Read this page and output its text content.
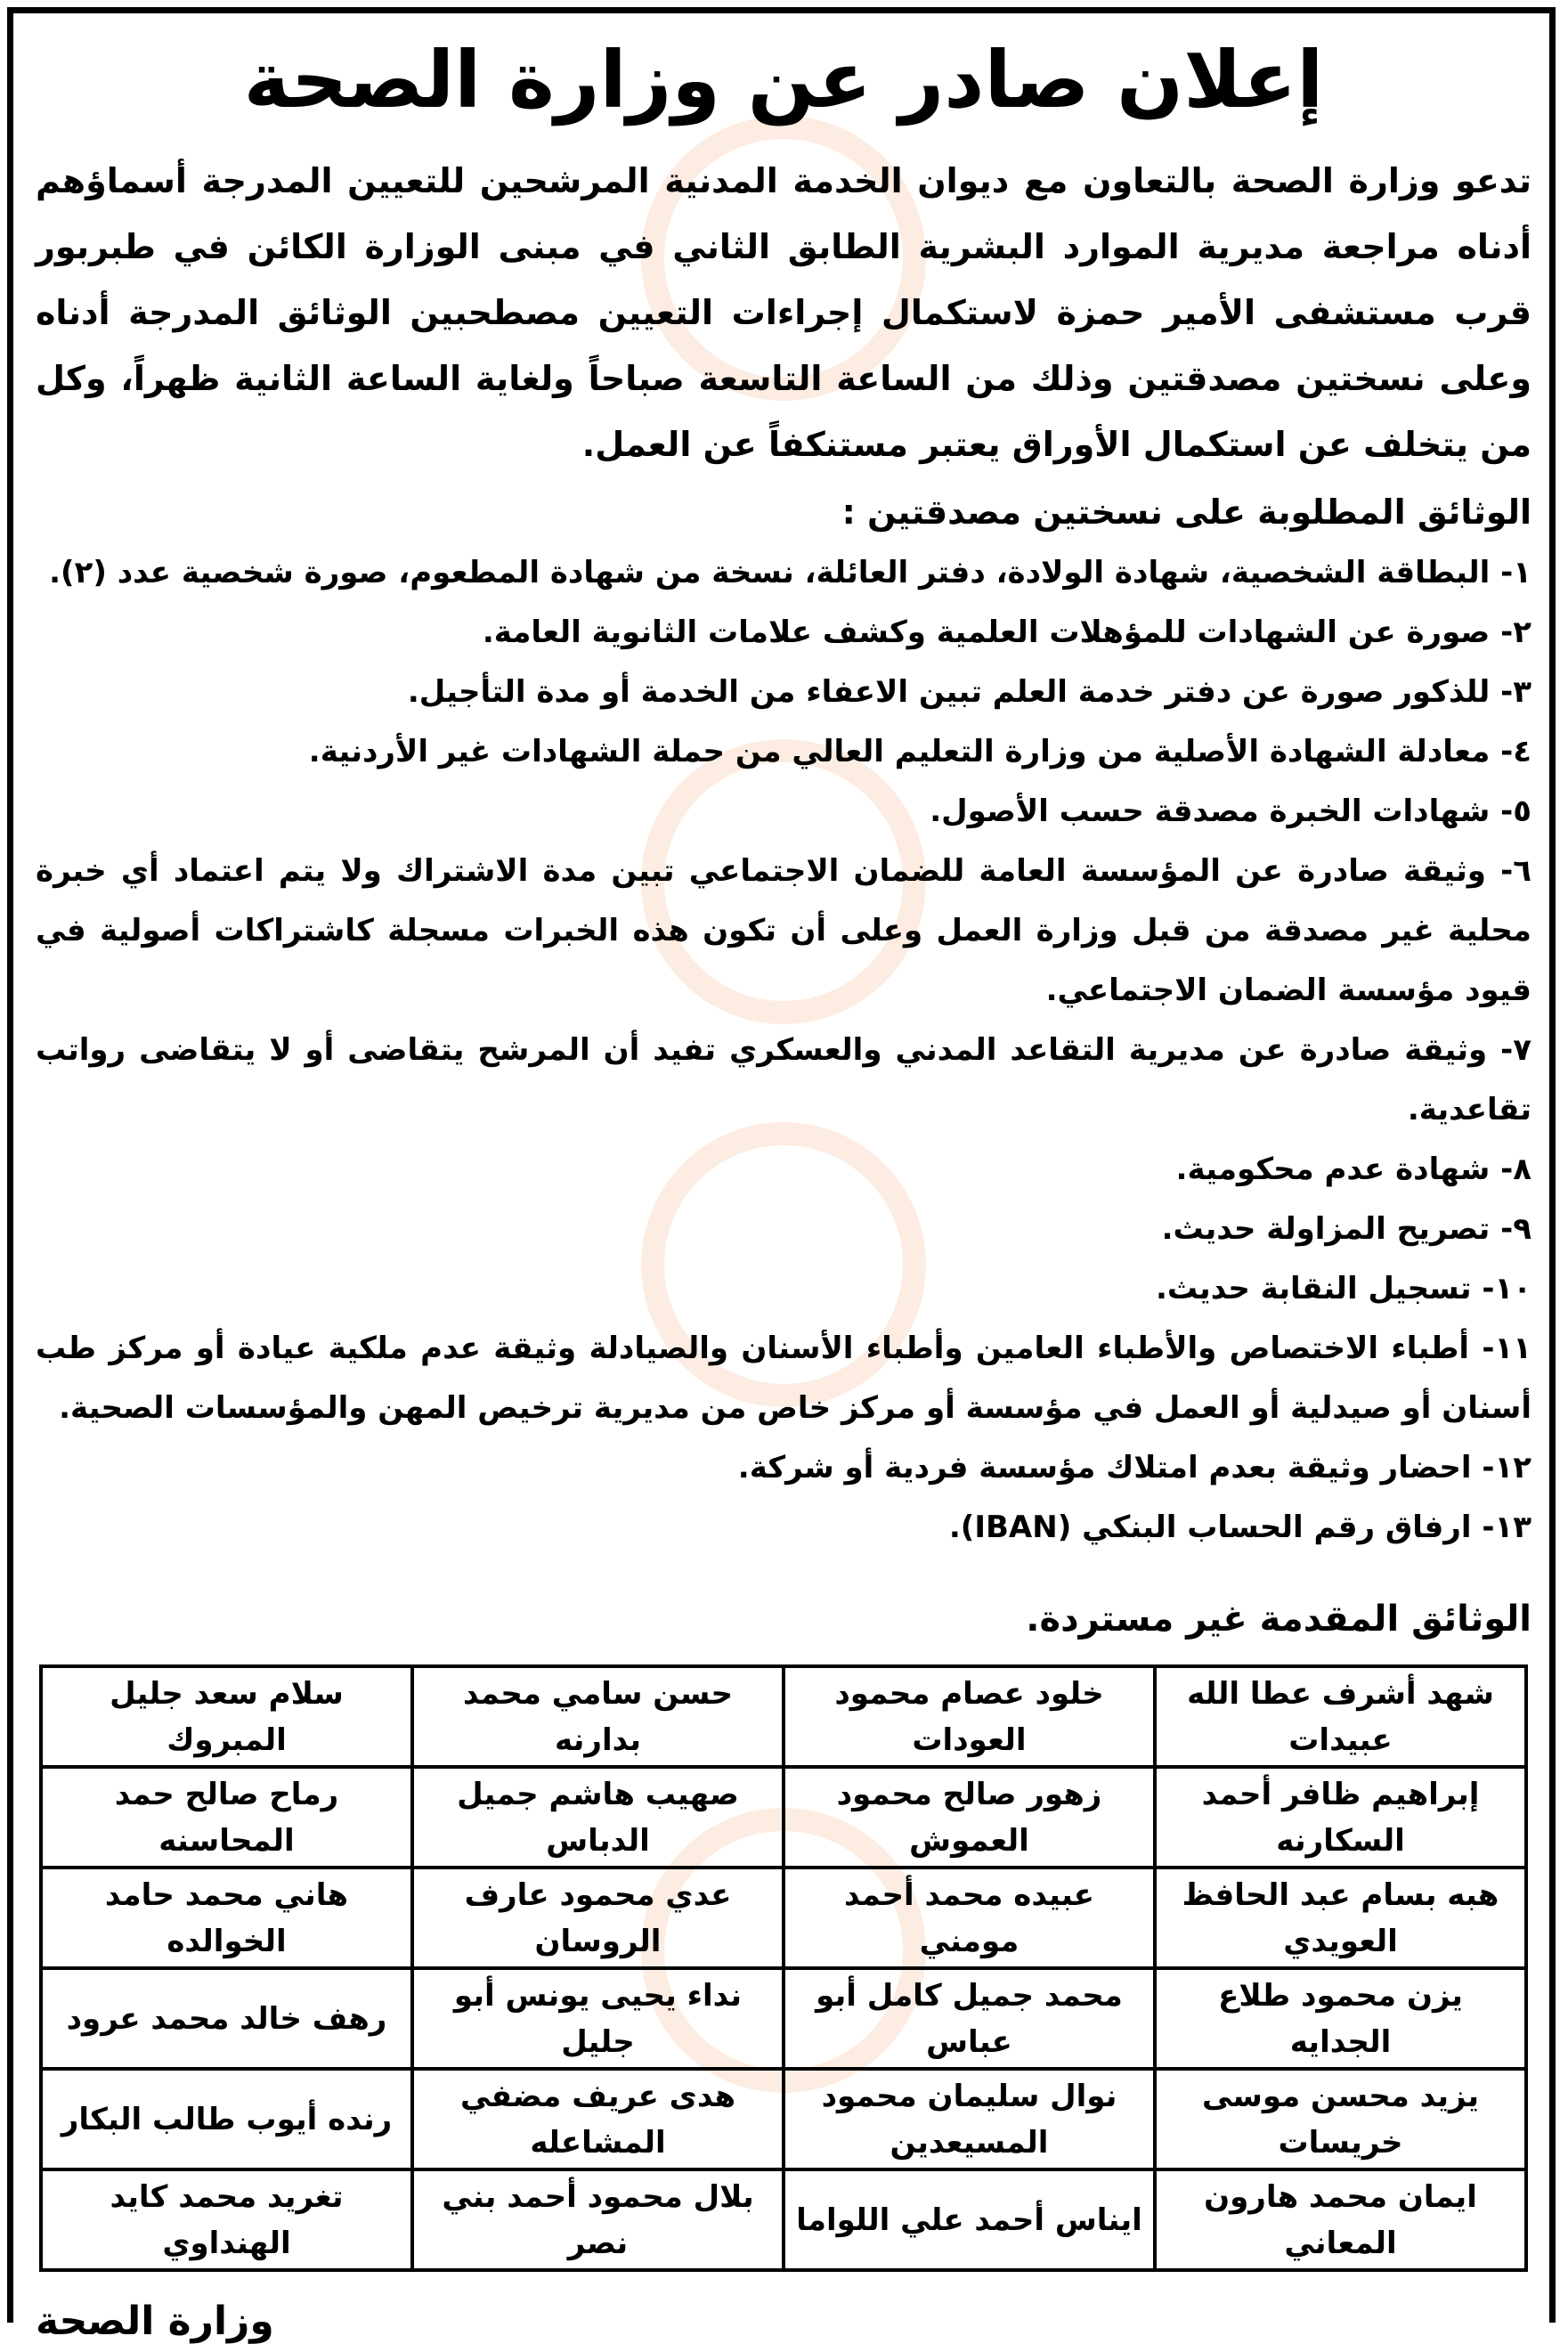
إعلان صادر عن وزارة الصحة

تدعو وزارة الصحة بالتعاون مع ديوان الخدمة المدنية المرشحين للتعيين المدرجة أسماؤهم أدناه مراجعة مديرية الموارد البشرية الطابق الثاني في مبنى الوزارة الكائن في طبربور قرب مستشفى الأمير حمزة لاستكمال إجراءات التعيين مصطحبين الوثائق المدرجة أدناه وعلى نسختين مصدقتين وذلك من الساعة التاسعة صباحاً ولغاية الساعة الثانية ظهراً، وكل من يتخلف عن استكمال الأوراق يعتبر مستنكفاً عن العمل.

الوثائق المطلوبة على نسختين مصدقتين :
١- البطاقة الشخصية، شهادة الولادة، دفتر العائلة، نسخة من شهادة المطعوم، صورة شخصية عدد (٢).
٢- صورة عن الشهادات للمؤهلات العلمية وكشف علامات الثانوية العامة.
٣- للذكور صورة عن دفتر خدمة العلم تبين الاعفاء من الخدمة أو مدة التأجيل.
٤- معادلة الشهادة الأصلية من وزارة التعليم العالي من حملة الشهادات غير الأردنية.
٥- شهادات الخبرة مصدقة حسب الأصول.
٦- وثيقة صادرة عن المؤسسة العامة للضمان الاجتماعي تبين مدة الاشتراك ولا يتم اعتماد أي خبرة محلية غير مصدقة من قبل وزارة العمل وعلى أن تكون هذه الخبرات مسجلة كاشتراكات أصولية في قيود مؤسسة الضمان الاجتماعي.
٧- وثيقة صادرة عن مديرية التقاعد المدني والعسكري تفيد أن المرشح يتقاضى أو لا يتقاضى رواتب تقاعدية.
٨- شهادة عدم محكومية.
٩- تصريح المزاولة حديث.
١٠- تسجيل النقابة حديث.
١١- أطباء الاختصاص والأطباء العامين وأطباء الأسنان والصيادلة وثيقة عدم ملكية عيادة أو مركز طب أسنان أو صيدلية أو العمل في مؤسسة أو مركز خاص من مديرية ترخيص المهن والمؤسسات الصحية.
١٢- احضار وثيقة بعدم امتلاك مؤسسة فردية أو شركة.
١٣- ارفاق رقم الحساب البنكي (IBAN).
الوثائق المقدمة غير مستردة.
شهد أشرف عطا الله عبيدات	خلود عصام محمود العودات	حسن سامي محمد بدارنه	سلام سعد جليل المبروك
إبراهيم ظافر أحمد السكارنه	زهور صالح محمود العموش	صهيب هاشم جميل الدباس	رماح صالح حمد المحاسنه
هبه بسام عبد الحافظ العويدي	عبيده محمد أحمد مومني	عدي محمود عارف الروسان	هاني محمد حامد الخوالده
يزن محمود طلاع الجدايه	محمد جميل كامل أبو عباس	نداء يحيى يونس أبو جليل	رهف خالد محمد عرود
يزيد محسن موسى خريسات	نوال سليمان محمود المسيعدين	هدى عريف مضفي المشاعله	رنده أيوب طالب البكار
ايمان محمد هارون المعاني	ايناس أحمد علي اللواما	بلال محمود أحمد بني نصر	تغريد محمد كايد الهنداوي
وزارة الصحة
